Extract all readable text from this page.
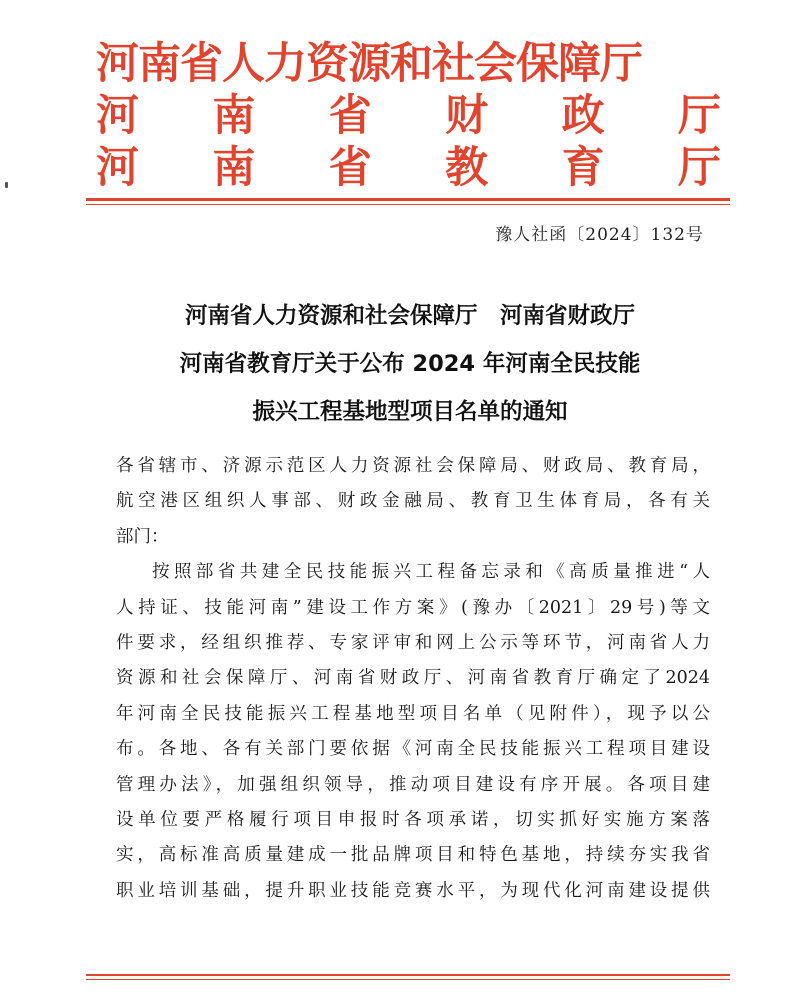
河南省人力资源和社会保障厅
河 南 省 财 政 厅
河 南 省 教 育 厅
豫人社函〔2024〕132号
河南省人力资源和社会保障厅　河南省财政厅
河南省教育厅关于公布 2024 年河南全民技能
振兴工程基地型项目名单的通知

各省辖市、济源示范区人力资源社会保障局、财政局、教育局，

航空港区组织人事部、财政金融局、教育卫生体育局，各有关

部门：

按照部省共建全民技能振兴工程备忘录和《高质量推进“人

人持证、技能河南”建设工作方案》(豫办〔2021〕29号)等文

件要求，经组织推荐、专家评审和网上公示等环节，河南省人力

资源和社会保障厅、河南省财政厅、河南省教育厅确定了2024

年河南全民技能振兴工程基地型项目名单（见附件），现予以公

布。各地、各有关部门要依据《河南全民技能振兴工程项目建设

管理办法》，加强组织领导，推动项目建设有序开展。各项目建

设单位要严格履行项目申报时各项承诺，切实抓好实施方案落

实，高标准高质量建成一批品牌项目和特色基地，持续夯实我省

职业培训基础，提升职业技能竞赛水平，为现代化河南建设提供
